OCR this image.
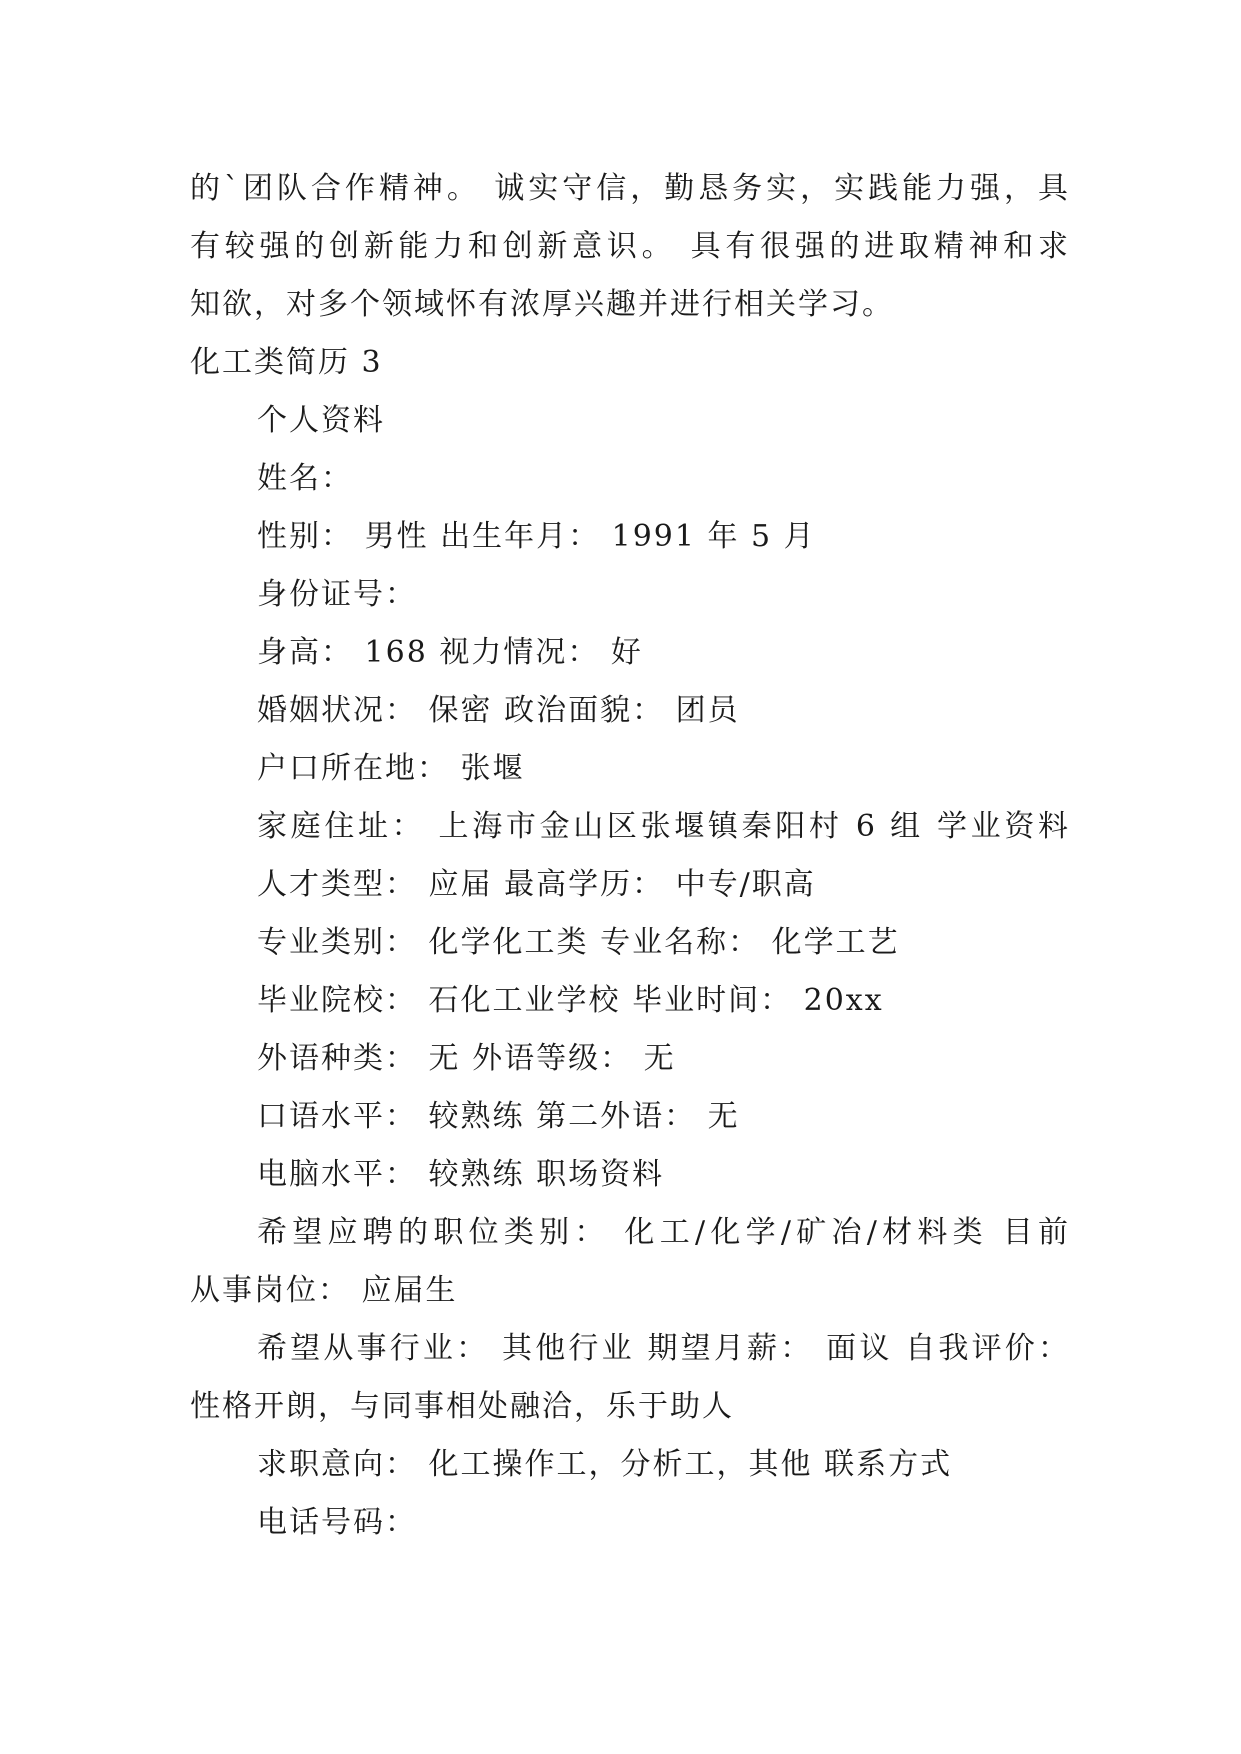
的`团队合作精神。 诚实守信，勤恳务实，实践能力强，具
有较强的创新能力和创新意识。 具有很强的进取精神和求
知欲，对多个领域怀有浓厚兴趣并进行相关学习。
化工类简历 3
个人资料
姓名：
性别： 男性 出生年月： 1991 年 5 月
身份证号：
身高： 168 视力情况： 好
婚姻状况： 保密 政治面貌： 团员
户口所在地： 张堰
家庭住址： 上海市金山区张堰镇秦阳村 6 组 学业资料
人才类型： 应届 最高学历： 中专/职高
专业类别： 化学化工类 专业名称： 化学工艺
毕业院校： 石化工业学校 毕业时间： 20xx
外语种类： 无 外语等级： 无
口语水平： 较熟练 第二外语： 无
电脑水平： 较熟练 职场资料
希望应聘的职位类别： 化工/化学/矿冶/材料类 目前
从事岗位： 应届生
希望从事行业： 其他行业 期望月薪： 面议 自我评价：
性格开朗，与同事相处融洽，乐于助人
求职意向： 化工操作工，分析工，其他 联系方式
电话号码：
